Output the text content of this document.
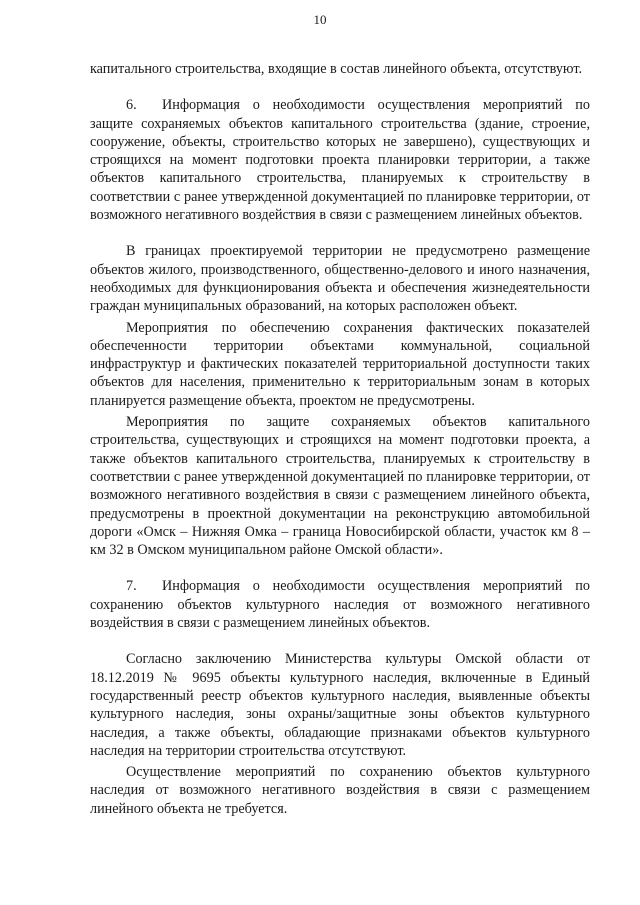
10

капитального строительства, входящие в состав линейного объекта, отсутствуют.

6. Информация о необходимости осуществления мероприятий по защите сохраняемых объектов капитального строительства (здание, строение, сооружение, объекты, строительство которых не завершено), существующих и строящихся на момент подготовки проекта планировки территории, а также объектов капитального строительства, планируемых к строительству в соответствии с ранее утвержденной документацией по планировке территории, от возможного негативного воздействия в связи с размещением линейных объектов.

В границах проектируемой территории не предусмотрено размещение объектов жилого, производственного, общественно-делового и иного назначения, необходимых для функционирования объекта и обеспечения жизнедеятельности граждан муниципальных образований, на которых расположен объект.

Мероприятия по обеспечению сохранения фактических показателей обеспеченности территории объектами коммунальной, социальной инфраструктур и фактических показателей территориальной доступности таких объектов для населения, применительно к территориальным зонам в которых планируется размещение объекта, проектом не предусмотрены.

Мероприятия по защите сохраняемых объектов капитального строительства, существующих и строящихся на момент подготовки проекта, а также объектов капитального строительства, планируемых к строительству в соответствии с ранее утвержденной документацией по планировке территории, от возможного негативного воздействия в связи с размещением линейного объекта, предусмотрены в проектной документации на реконструкцию автомобильной дороги «Омск – Нижняя Омка – граница Новосибирской области, участок км 8 – км 32 в Омском муниципальном районе Омской области».

7. Информация о необходимости осуществления мероприятий по сохранению объектов культурного наследия от возможного негативного воздействия в связи с размещением линейных объектов.

Согласно заключению Министерства культуры Омской области от 18.12.2019 № 9695 объекты культурного наследия, включенные в Единый государственный реестр объектов культурного наследия, выявленные объекты культурного наследия, зоны охраны/защитные зоны объектов культурного наследия, а также объекты, обладающие признаками объектов культурного наследия на территории строительства отсутствуют.

Осуществление мероприятий по сохранению объектов культурного наследия от возможного негативного воздействия в связи с размещением линейного объекта не требуется.
